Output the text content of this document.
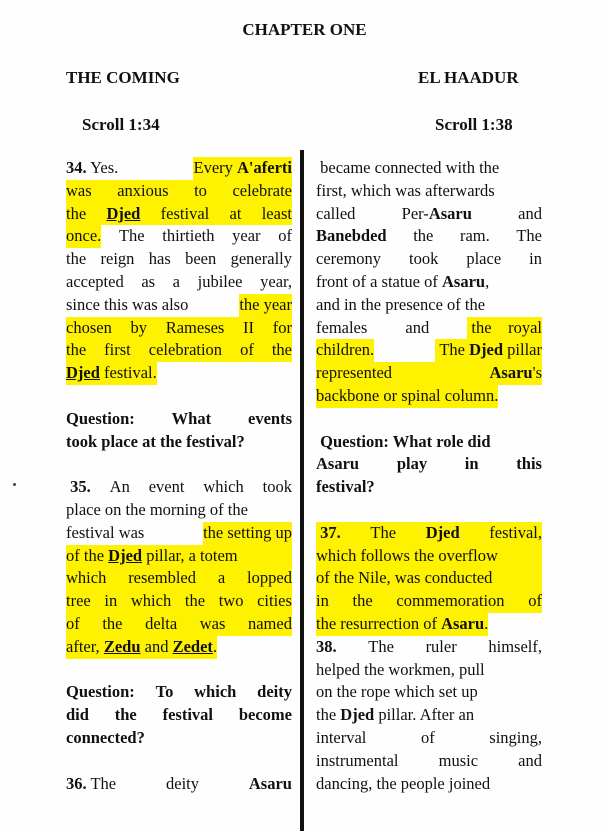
CHAPTER ONE
THE COMING	EL HAADUR
Scroll 1:34	Scroll 1:38
34. Yes.	Every A'aferti
was anxious to celebrate
the Djed festival at least
once. The thirtieth year of
the reign has been generally
accepted as a jubilee year,
since this was also	the year
chosen by Rameses II for
the first celebration of the
Djed festival.
Question: What events
took place at the festival?
35. An event which took
place on the morning of the
festival was	the setting up
of the Djed pillar, a totem
which resembled a lopped
tree in which the two cities
of the delta was named
after, Zedu and Zedet.
Question: To which deity
did the festival become
connected?
36. The	deity	Asaru
became connected with the
first, which was afterwards
called	Per-Asaru	and
Banebded the ram. The
ceremony took place in
front of a statue of Asaru,
and in the presence of the
females and the    royal
children.	The Djed pillar
represented	Asaru's
backbone or spinal column.
Question: What role did
Asaru play in this
festival?
37. The Djed festival,
which follows the overflow
of the Nile, was conducted
in the commemoration of
the resurrection of Asaru.
38. The ruler himself,
helped the workmen, pull
on the rope which set up
the Djed pillar. After an
interval	of	singing,
instrumental music and
dancing, the people joined
